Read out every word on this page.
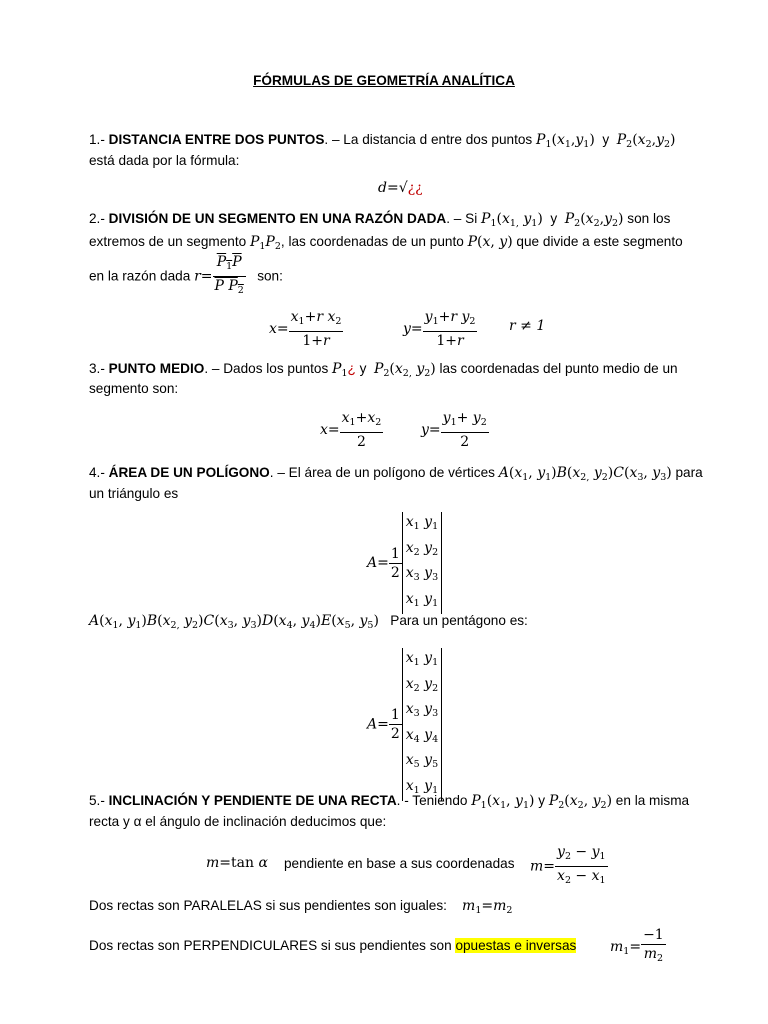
FÓRMULAS DE GEOMETRÍA ANALÍTICA
1.- DISTANCIA ENTRE DOS PUNTOS. – La distancia d entre dos puntos $P_1(x_1,y_1)$ y $P_2(x_2,y_2)$
está dada por la fórmula:
d=√¿¿
2.- DIVISIÓN DE UN SEGMENTO EN UNA RAZÓN DADA. – Si $P_1(x_{1,}$ $y_1$) y $P_2(x_2,y_2)$ son los
extremos de un segmento $P_1P_2$, las coordenadas de un punto P(x, y) que divide a este segmento
en la razón dada $r= \frac{P_1P}{P P_2}$ son:
$x= \frac{x_1+r x_2}{1+r}$	$y= \frac{y_1+r y_2}{1+r}$ r ≠ 1
3.- PUNTO MEDIO. – Dados los puntos $P_1¿$ y $P_2(x_{2,}$ $y_2$) las coordenadas del punto medio de un
segmento son:
$x= \frac{x_1+x_2}{2}$	$y= \frac{y_1+ y_2}{2}$
4.- ÁREA DE UN POLÍGONO. – El área de un polígono de vértices $A(x_1$, $y_1)B(x_{2,}$ $y_2)C(x_3$, $y_3$) para
un triángulo es
$A= \frac{1}{2}$
$x_1$ $y_1$
$x_2$ $y_2$
$x_3$ $y_3$
$x_1$ $y_1$
$A(x_1$, $y_1)B(x_{2,}$ $y_2)C(x_3$, $y_3)D(x_4$, $y_4)E(x_5$, $y_5$) Para un pentágono es:
$A= \frac{1}{2}$
$x_1$ $y_1$
$x_2$ $y_2$
$x_3$ $y_3$
$x_4$ $y_4$
$x_5$ $y_5$
$x_1$ $y_1$
5.- INCLINACIÓN Y PENDIENTE DE UNA RECTA. - Teniendo $P_1(x_1$, $y_1$) y $P_2(x_2$, $y_2$) en la misma
recta y α el ángulo de inclinación deducimos que:
m=tan α pendiente en base a sus coordenadas $m= \frac{y_2 - y_1}{x_2 - x_1}$
Dos rectas son PARALELAS si sus pendientes son iguales: $m_1=m_2$
Dos rectas son PERPENDICULARES si sus pendientes son opuestas e inversas $m_1= \frac{-1}{m_2}$
